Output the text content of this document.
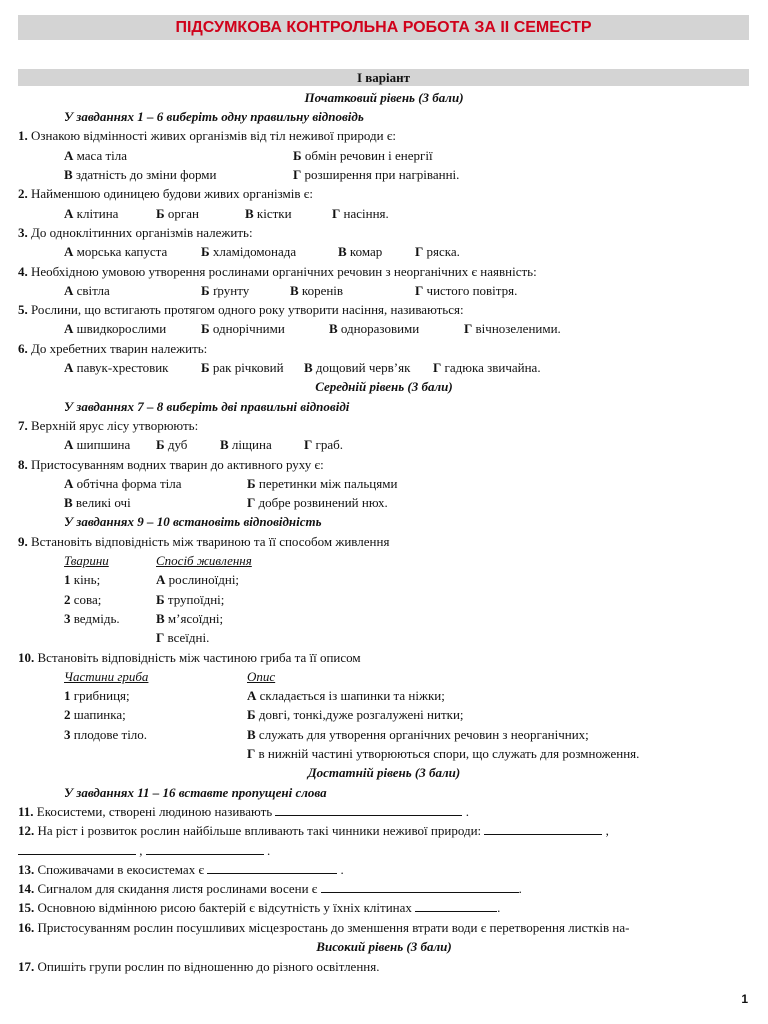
ПІДСУМКОВА КОНТРОЛЬНА РОБОТА ЗА ІІ СЕМЕСТР
I варіант
Початковий рівень (3 бали)
У завданнях 1 – 6 виберіть одну правильну відповідь
1. Ознакою відмінності живих організмів від тіл неживої природи є:
А маса тіла	Б обмін речовин і енергії
В здатність до зміни форми	Г розширення при нагріванні.
2. Найменшою одиницею будови живих організмів є:
А клітина	Б орган	В кістки	Г насіння.
3. До одноклітинних організмів належить:
А морська капуста	Б хламідомонада	В комар	Г ряска.
4. Необхідною умовою утворення рослинами органічних речовин з неорганічних є наявність:
А світла	Б ґрунту	В коренів	Г чистого повітря.
5. Рослини, що встигають протягом одного року утворити насіння, називаються:
А швидкорослими	Б однорічними	В одноразовими	Г вічнозеленими.
6. До хребетних тварин належить:
А павук-хрестовик	Б рак річковий В дощовий черв’як Г гадюка звичайна.
Середній рівень (3 бали)
У завданнях 7 – 8 виберіть дві правильні відповіді
7. Верхній ярус лісу утворюють:
А шипшина Б дуб	В ліщина Г граб.
8. Пристосуванням водних тварин до активного руху є:
А обтічна форма тіла	Б перетинки між пальцями
В великі очі	Г добре розвинений нюх.
У завданнях 9 – 10 встановіть відповідність
9. Встановіть відповідність між твариною та її способом живлення
Тварини	Спосіб живлення
1 кінь;	А рослиноїдні;
2 сова;	Б трупоїдні;
3 ведмідь.	В м’ясоїдні;
Г всеїдні.
10. Встановіть відповідність між частиною гриба та її описом
Частини гриба	Опис
1 грибниця;	А складається із шапинки та ніжки;
2 шапинка;	Б довгі, тонкі,дуже розгалужені нитки;
3 плодове тіло.	В служать для утворення органічних речовин з неорганічних;
Г в нижній частині утворюються спори, що служать для розмноження.
Достатній рівень (3 бали)
У завданнях 11 – 16 вставте пропущені слова
11. Екосистеми, створені людиною називають	.
12. На ріст і розвиток рослин найбільше впливають такі чинники неживої природи:	,
,	.
13. Споживачами в екосистемах є	.
14. Сигналом для скидання листя рослинами восени є	.
15. Основною відмінною рисою бактерій є відсутність у їхніх клітинах	.
16. Пристосуванням рослин посушливих місцезростань до зменшення втрати води є перетворення листків на-
Високий рівень (3 бали)
17. Опишіть групи рослин по відношенню до різного освітлення.
1
